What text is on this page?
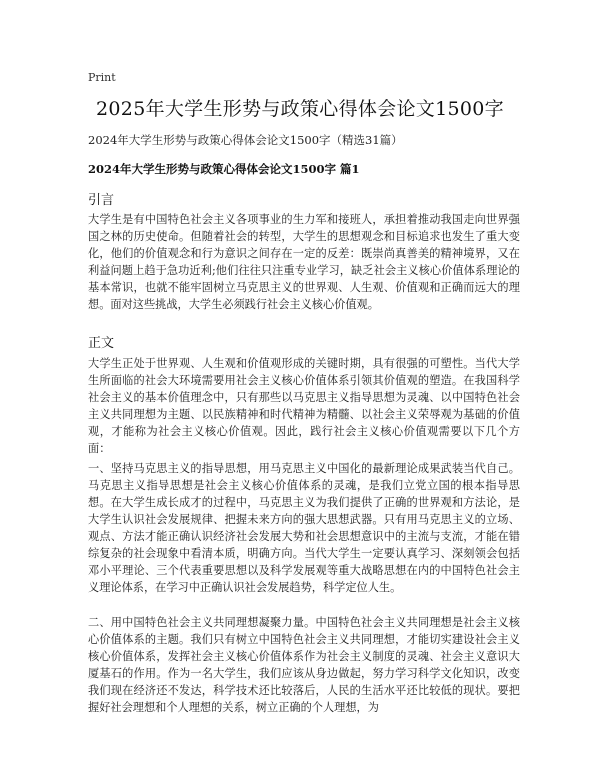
Print
2025年大学生形势与政策心得体会论文1500字
2024年大学生形势与政策心得体会论文1500字（精选31篇）
2024年大学生形势与政策心得体会论文1500字 篇1
引言

大学生是有中国特色社会主义各项事业的生力军和接班人，承担着推动我国走向世界强国之林的历史使命。但随着社会的转型，大学生的思想观念和目标追求也发生了重大变化，他们的价值观念和行为意识之间存在一定的反差：既崇尚真善美的精神境界，又在利益问题上趋于急功近利;他们往往只注重专业学习，缺乏社会主义核心价值体系理论的基本常识，也就不能牢固树立马克思主义的世界观、人生观、价值观和正确而远大的理想。面对这些挑战，大学生必须践行社会主义核心价值观。

正文

大学生正处于世界观、人生观和价值观形成的关键时期，具有很强的可塑性。当代大学生所面临的社会大环境需要用社会主义核心价值体系引领其价值观的塑造。在我国科学社会主义的基本价值理念中，只有那些以马克思主义指导思想为灵魂、以中国特色社会主义共同理想为主题、以民族精神和时代精神为精髓、以社会主义荣辱观为基础的价值观，才能称为社会主义核心价值观。因此，践行社会主义核心价值观需要以下几个方面：

一、坚持马克思主义的指导思想，用马克思主义中国化的最新理论成果武装当代自己。马克思主义指导思想是社会主义核心价值体系的灵魂，是我们立党立国的根本指导思想。在大学生成长成才的过程中，马克思主义为我们提供了正确的世界观和方法论，是大学生认识社会发展规律、把握未来方向的强大思想武器。只有用马克思主义的立场、观点、方法才能正确认识经济社会发展大势和社会思想意识中的主流与支流，才能在错综复杂的社会现象中看清本质，明确方向。当代大学生一定要认真学习、深刻领会包括邓小平理论、三个代表重要思想以及科学发展观等重大战略思想在内的中国特色社会主义理论体系，在学习中正确认识社会发展趋势，科学定位人生。

二、用中国特色社会主义共同理想凝聚力量。中国特色社会主义共同理想是社会主义核心价值体系的主题。我们只有树立中国特色社会主义共同理想，才能切实建设社会主义核心价值体系，发挥社会主义核心价值体系作为社会主义制度的灵魂、社会主义意识大厦基石的作用。作为一名大学生，我们应该从身边做起，努力学习科学文化知识，改变我们现在经济还不发达，科学技术还比较落后，人民的生活水平还比较低的现状。要把握好社会理想和个人理想的关系，树立正确的个人理想，为
